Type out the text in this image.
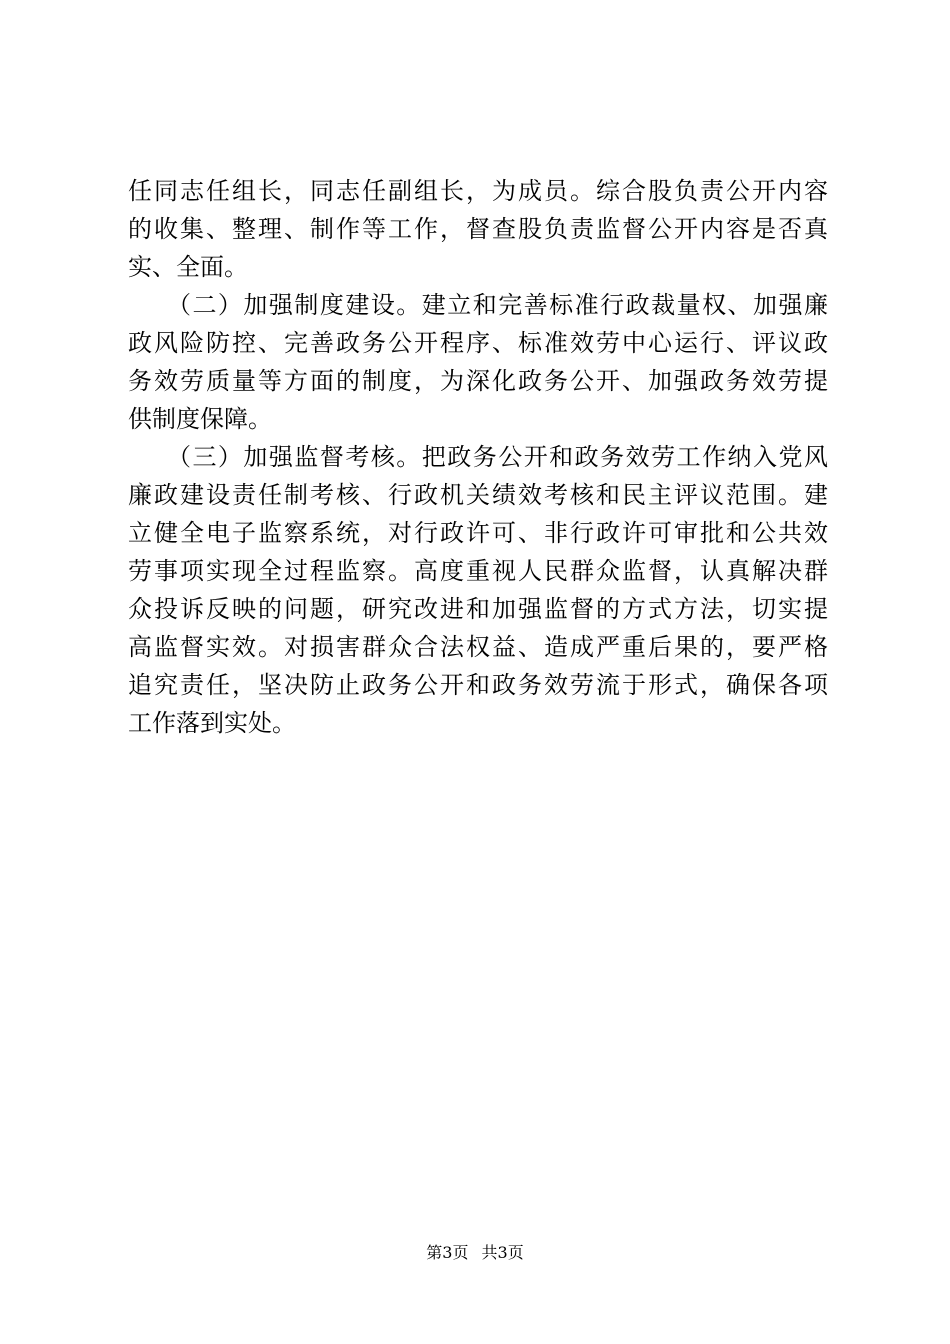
任同志任组长，同志任副组长，为成员。综合股负责公开内容
的收集、整理、制作等工作，督查股负责监督公开内容是否真
实、全面。
　　（二）加强制度建设。建立和完善标准行政裁量权、加强廉
政风险防控、完善政务公开程序、标准效劳中心运行、评议政
务效劳质量等方面的制度，为深化政务公开、加强政务效劳提
供制度保障。
　　（三）加强监督考核。把政务公开和政务效劳工作纳入党风
廉政建设责任制考核、行政机关绩效考核和民主评议范围。建
立健全电子监察系统，对行政许可、非行政许可审批和公共效
劳事项实现全过程监察。高度重视人民群众监督，认真解决群
众投诉反映的问题，研究改进和加强监督的方式方法，切实提
高监督实效。对损害群众合法权益、造成严重后果的，要严格
追究责任，坚决防止政务公开和政务效劳流于形式，确保各项
工作落到实处。
第3页 共3页
